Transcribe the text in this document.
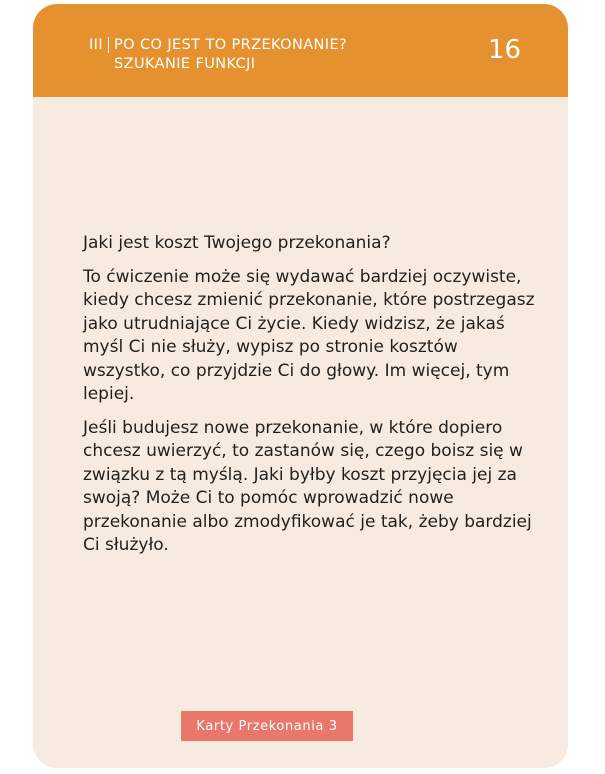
III PO CO JEST TO PRZEKONANIE?
SZUKANIE FUNKCJI	16

Jaki jest koszt Twojego przekonania?

To ćwiczenie może się wydawać bardziej oczywiste, kiedy chcesz zmienić przekonanie, które postrzegasz jako utrudniające Ci życie. Kiedy widzisz, że jakaś myśl Ci nie służy, wypisz po stronie kosztów wszystko, co przyjdzie Ci do głowy. Im więcej, tym lepiej.

Jeśli budujesz nowe przekonanie, w które dopiero chcesz uwierzyć, to zastanów się, czego boisz się w związku z tą myślą. Jaki byłby koszt przyjęcia jej za swoją? Może Ci to pomóc wprowadzić nowe przekonanie albo zmodyfikować je tak, żeby bardziej Ci służyło.

Karty Przekonania 3
